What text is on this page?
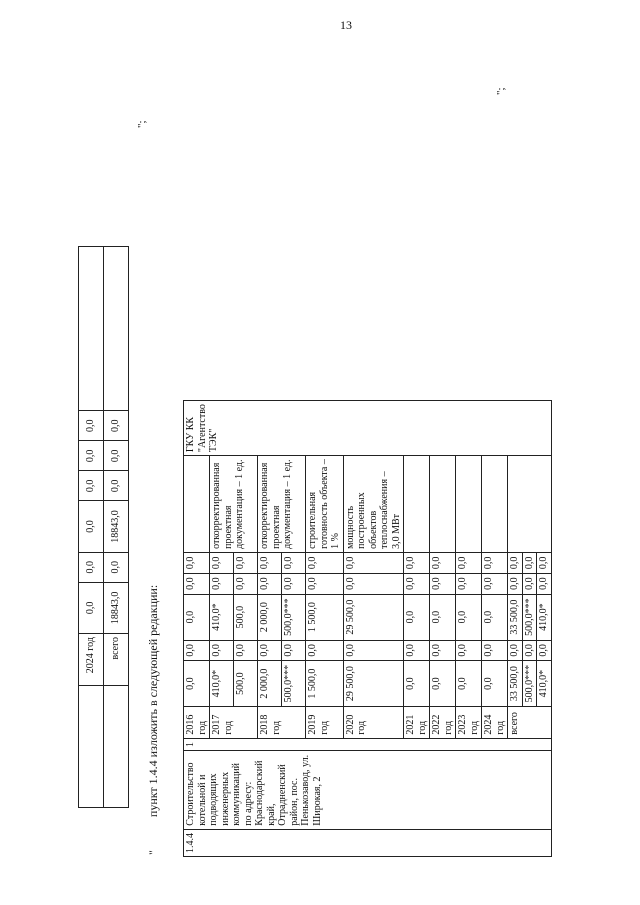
13
	2024 год	0,0	0,0	0,0	0,0	0,0	0,0	
	всего	18843,0	0,0	18843,0	0,0	0,0	0,0	
";
"           пункт 1.4.4 изложить в следующей редакции:
1.4.4	Строительство котельной и подводящих инженерных коммуникаций по адресу: Краснодарский край, Отрадненский район, пос. Пенькозавод, ул. Широкая, 2	1	2016 год	0,0	0,0	0,0	0,0	0,0		ГКУ КК "Агентство ТЭК"
			2017 год	410,0*	0,0	410,0*	0,0	0,0	откорректированная проектная документация – 1 ед.	
				500,0	0,0	500,0	0,0	0,0		
			2018 год	2 000,0	0,0	2 000,0	0,0	0,0	откорректированная проектная документация – 1 ед.	
				500,0***	0,0	500,0***	0,0	0,0		
			2019 год	1 500,0	0,0	1 500,0	0,0	0,0	строительная готовность объекта – 1 %	
			2020 год	29 500,0	0,0	29 500,0	0,0	0,0	мощность построенных объектов теплоснабжения – 3,0 МВт	
			2021 год	0,0	0,0	0,0	0,0	0,0		
			2022 год	0,0	0,0	0,0	0,0	0,0		
			2023 год	0,0	0,0	0,0	0,0	0,0		
			2024 год	0,0	0,0	0,0	0,0	0,0		
			всего	33 500,0	0,0	33 500,0	0,0	0,0		
				500,0***	0,0	500,0***	0,0	0,0		
				410,0*	0,0	410,0*	0,0	0,0		
";
